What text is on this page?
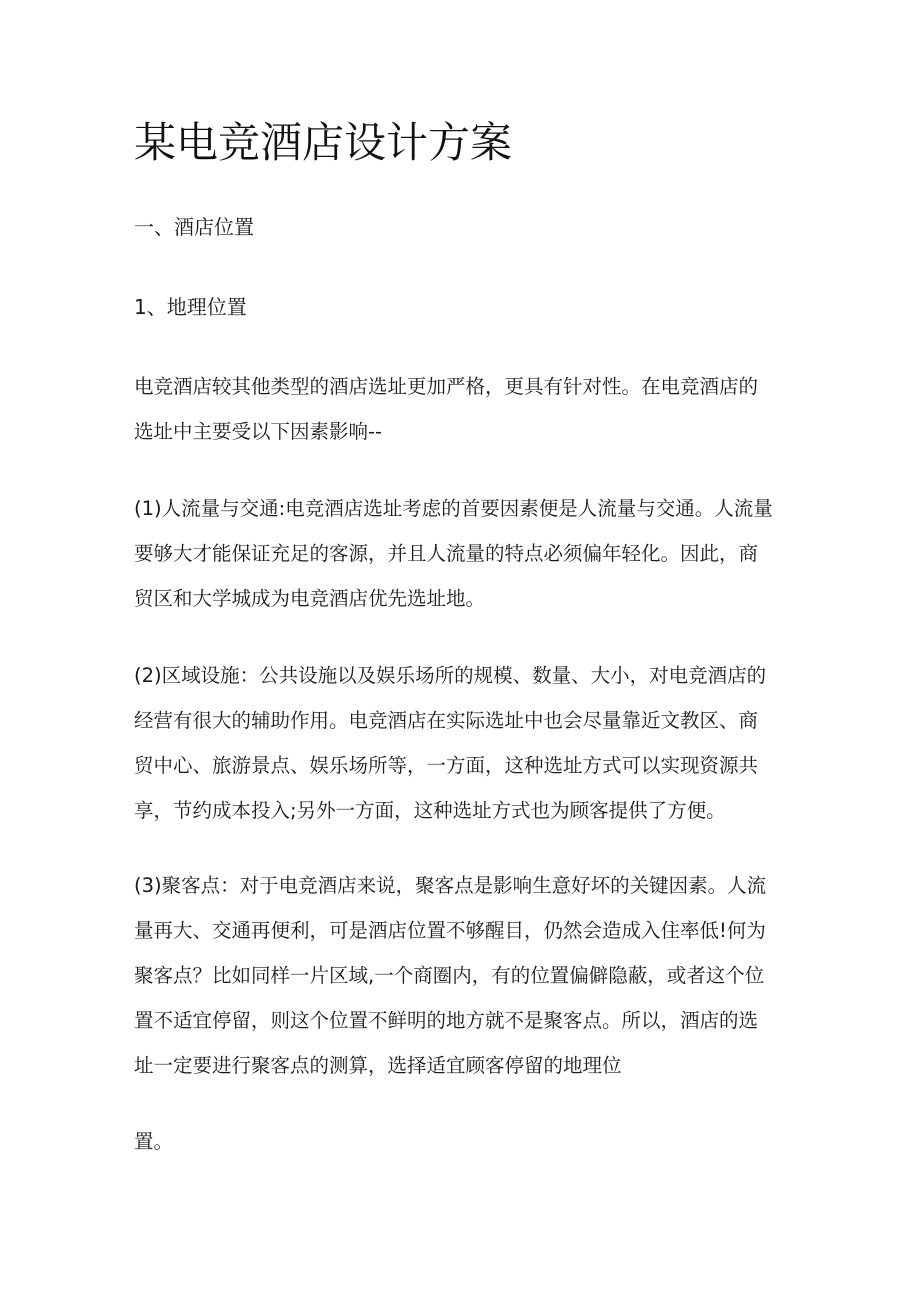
某电竞酒店设计方案
一、酒店位置
1、地理位置

电竞酒店较其他类型的酒店选址更加严格，更具有针对性。在电竞酒店的
选址中主要受以下因素影响--

(1)人流量与交通:电竞酒店选址考虑的首要因素便是人流量与交通。人流量
要够大才能保证充足的客源，并且人流量的特点必须偏年轻化。因此，商
贸区和大学城成为电竞酒店优先选址地。

(2)区域设施：公共设施以及娱乐场所的规模、数量、大小，对电竞酒店的
经营有很大的辅助作用。电竞酒店在实际选址中也会尽量靠近文教区、商
贸中心、旅游景点、娱乐场所等，一方面，这种选址方式可以实现资源共
享，节约成本投入;另外一方面，这种选址方式也为顾客提供了方便。

(3)聚客点：对于电竞酒店来说，聚客点是影响生意好坏的关键因素。人流
量再大、交通再便利，可是酒店位置不够醒目，仍然会造成入住率低!何为
聚客点？比如同样一片区域,一个商圈内，有的位置偏僻隐蔽，或者这个位
置不适宜停留，则这个位置不鲜明的地方就不是聚客点。所以，酒店的选
址一定要进行聚客点的测算，选择适宜顾客停留的地理位

置。
